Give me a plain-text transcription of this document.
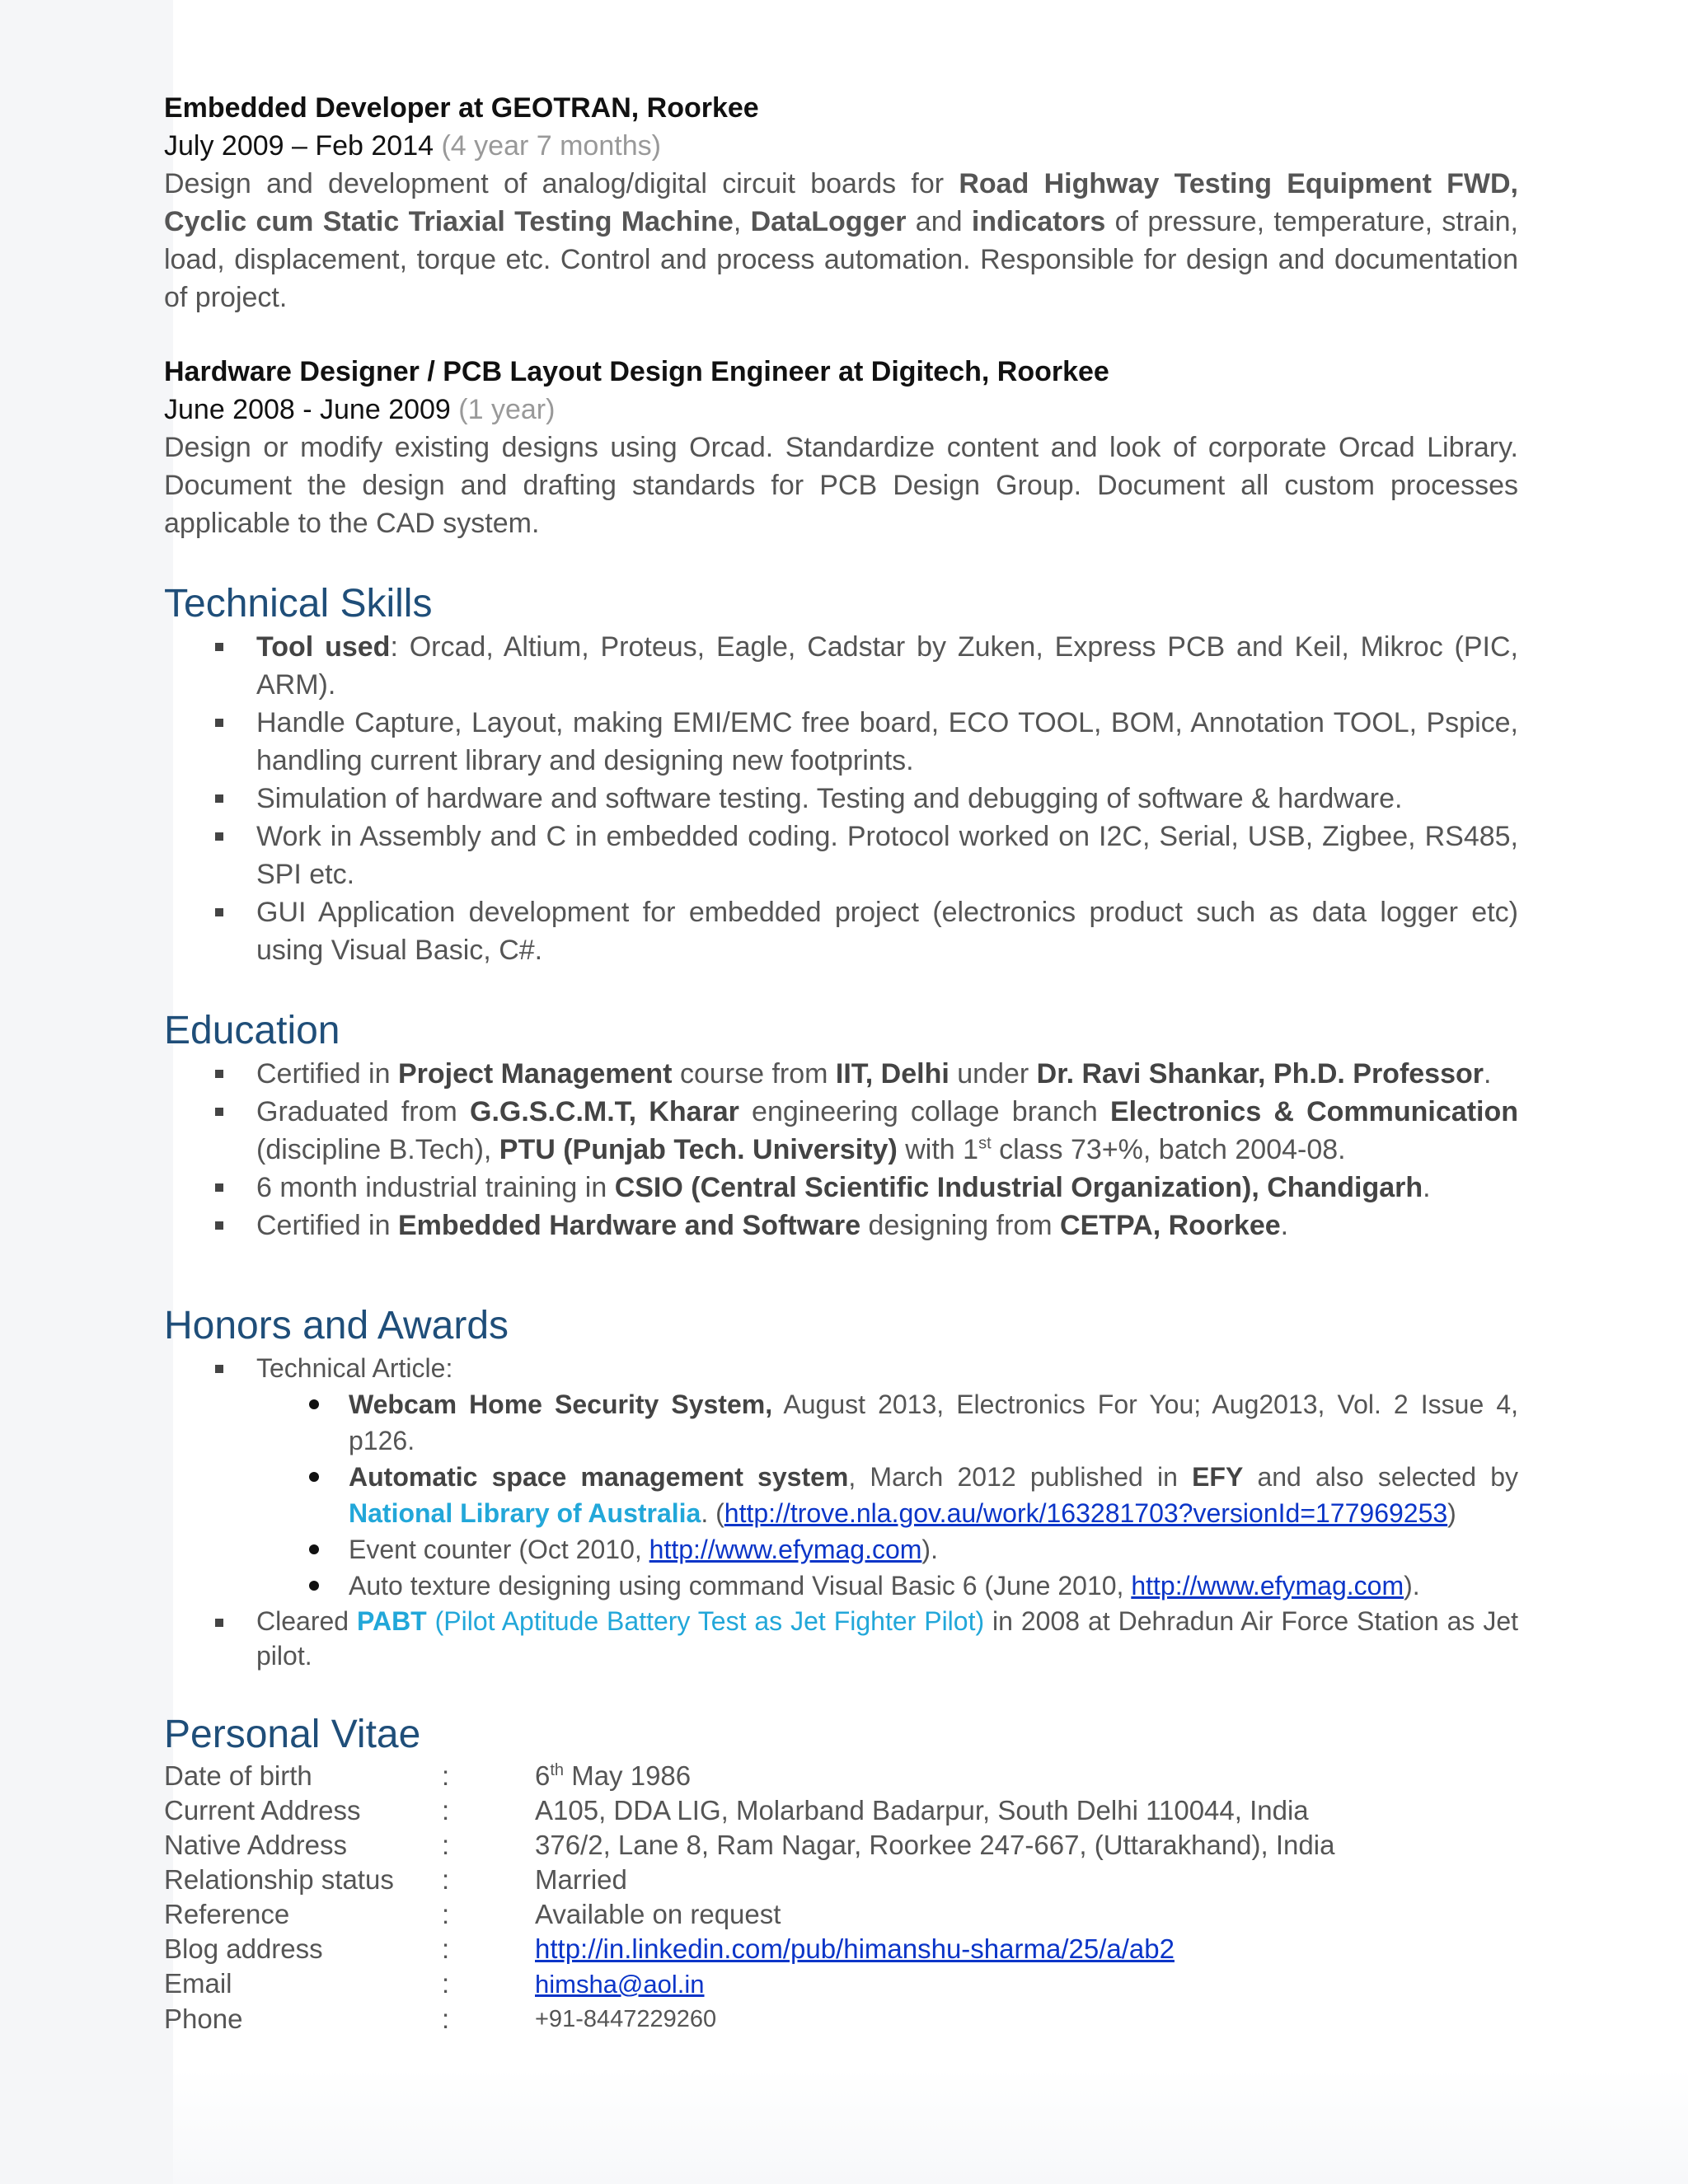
Embedded Developer at GEOTRAN, Roorkee
July 2009 – Feb 2014 (4 year 7 months)

Design and development of analog/digital circuit boards for Road Highway Testing Equipment FWD, Cyclic cum Static Triaxial Testing Machine, DataLogger and indicators of pressure, temperature, strain, load, displacement, torque etc. Control and process automation. Responsible for design and documentation of project.

Hardware Designer / PCB Layout Design Engineer at Digitech, Roorkee
June 2008 - June 2009 (1 year)

Design or modify existing designs using Orcad. Standardize content and look of corporate Orcad Library. Document the design and drafting standards for PCB Design Group. Document all custom processes applicable to the CAD system.

Technical Skills
Tool used: Orcad, Altium, Proteus, Eagle, Cadstar by Zuken, Express PCB and Keil, Mikroc (PIC, ARM).
Handle Capture, Layout, making EMI/EMC free board, ECO TOOL, BOM, Annotation TOOL, Pspice, handling current library and designing new footprints.
Simulation of hardware and software testing. Testing and debugging of software & hardware.
Work in Assembly and C in embedded coding. Protocol worked on I2C, Serial, USB, Zigbee, RS485, SPI etc.
GUI Application development for embedded project (electronics product such as data logger etc) using Visual Basic, C#.
Education
Certified in Project Management course from IIT, Delhi under Dr. Ravi Shankar, Ph.D. Professor.
Graduated from G.G.S.C.M.T, Kharar engineering collage branch Electronics & Communication (discipline B.Tech), PTU (Punjab Tech. University) with 1st class 73+%, batch 2004-08.
6 month industrial training in CSIO (Central Scientific Industrial Organization), Chandigarh.
Certified in Embedded Hardware and Software designing from CETPA, Roorkee.
Honors and Awards
Technical Article:
Webcam Home Security System, August 2013, Electronics For You; Aug2013, Vol. 2 Issue 4, p126.
Automatic space management system, March 2012 published in EFY and also selected by National Library of Australia. (http://trove.nla.gov.au/work/163281703?versionId=177969253)
Event counter (Oct 2010, http://www.efymag.com).
Auto texture designing using command Visual Basic 6 (June 2010, http://www.efymag.com).
Cleared PABT (Pilot Aptitude Battery Test as Jet Fighter Pilot) in 2008 at Dehradun Air Force Station as Jet pilot.
Personal Vitae
Date of birth	:	6th May 1986
Current Address	:	A105, DDA LIG, Molarband Badarpur, South Delhi 110044, India
Native Address	:	376/2, Lane 8, Ram Nagar, Roorkee 247-667, (Uttarakhand), India
Relationship status	:	Married
Reference	:	Available on request
Blog address	:	http://in.linkedin.com/pub/himanshu-sharma/25/a/ab2
Email	:	himsha@aol.in
Phone	:	+91-8447229260
